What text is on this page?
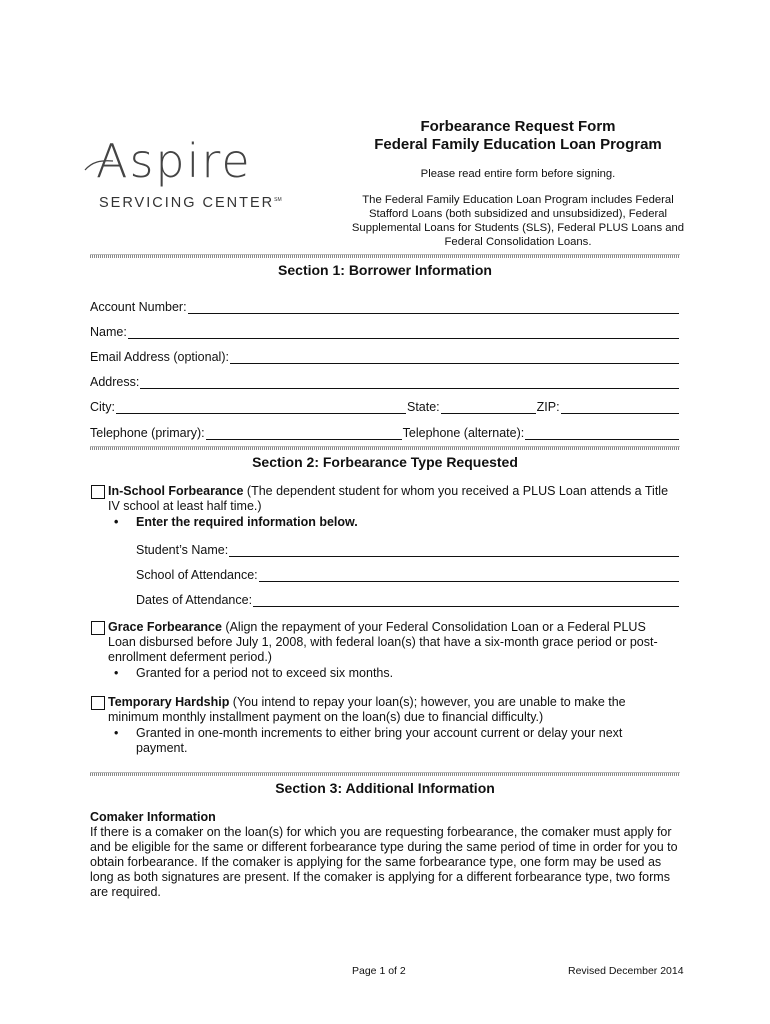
Aspire
SERVICING CENTER℠
Forbearance Request Form
Federal Family Education Loan Program
Please read entire form before signing.
The Federal Family Education Loan Program includes Federal Stafford Loans (both subsidized and unsubsidized), Federal Supplemental Loans for Students (SLS), Federal PLUS Loans and Federal Consolidation Loans.
Section 1: Borrower Information
Account Number:
Name:
Email Address (optional):
Address:
City:	State:	ZIP:
Telephone (primary):	Telephone (alternate):
Section 2: Forbearance Type Requested
In-School Forbearance (The dependent student for whom you received a PLUS Loan attends a Title IV school at least half time.)
• Enter the required information below.
Student’s Name:
School of Attendance:
Dates of Attendance:
Grace Forbearance (Align the repayment of your Federal Consolidation Loan or a Federal PLUS Loan disbursed before July 1, 2008, with federal loan(s) that have a six-month grace period or post-enrollment deferment period.)
• Granted for a period not to exceed six months.
Temporary Hardship (You intend to repay your loan(s); however, you are unable to make the minimum monthly installment payment on the loan(s) due to financial difficulty.)
• Granted in one-month increments to either bring your account current or delay your next payment.
Section 3: Additional Information
Comaker Information
If there is a comaker on the loan(s) for which you are requesting forbearance, the comaker must apply for and be eligible for the same or different forbearance type during the same period of time in order for you to obtain forbearance. If the comaker is applying for the same forbearance type, one form may be used as long as both signatures are present. If the comaker is applying for a different forbearance type, two forms are required.
Page 1 of 2	Revised December 2014
